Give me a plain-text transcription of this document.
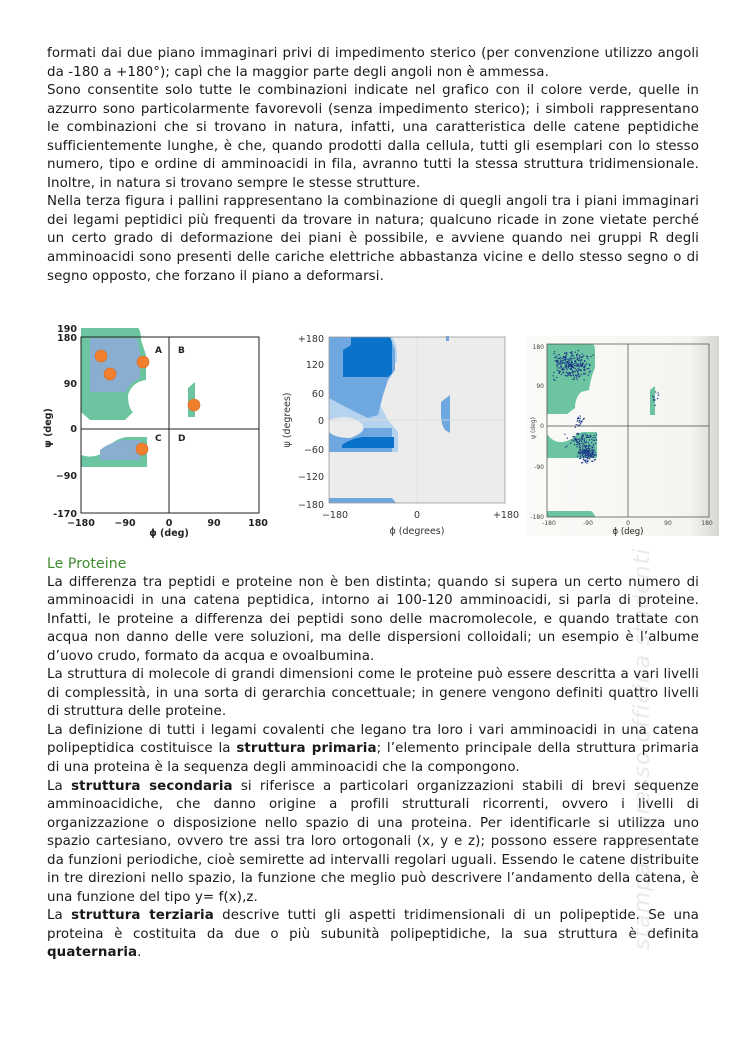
formati dai due piano immaginari privi di impedimento sterico (per convenzione utilizzo angoli da -180 a +180°); capì che la maggior parte degli angoli non è ammessa.

Sono consentite solo tutte le combinazioni indicate nel grafico con il colore verde, quelle in azzurro sono particolarmente favorevoli (senza impedimento sterico); i simboli rappresentano le combinazioni che si trovano in natura, infatti, una caratteristica delle catene peptidiche sufficientemente lunghe, è che, quando prodotti dalla cellula, tutti gli esemplari con lo stesso numero, tipo e ordine di amminoacidi in fila, avranno tutti la stessa struttura tridimensionale. Inoltre, in natura si trovano sempre le stesse strutture.

Nella terza figura i pallini rappresentano la combinazione di quegli angoli tra i piani immaginari dei legami peptidici più frequenti da trovare in natura; qualcuno ricade in zone vietate perché un certo grado di deformazione dei piani è possibile, e avviene quando nei gruppi R degli amminoacidi sono presenti delle cariche elettriche abbastanza vicine e dello stesso segno o di segno opposto, che forzano il piano a deformarsi.

A B
C D
190
180
90
0
−90
-170
−180 −90	0	90	180
ϕ (deg)
ψ (deg)
+180
120
60
0
−60
−120
−180
−180	0	+180
ϕ (degrees)
ψ (degrees)
180
90
0
-90
-180
-180	-90	0	90	180
ϕ (deg)
ψ (deg)

Le Proteine

La differenza tra peptidi e proteine non è ben distinta; quando si supera un certo numero di amminoacidi in una catena peptidica, intorno ai 100-120 amminoacidi, si parla di proteine. Infatti, le proteine a differenza dei peptidi sono delle macromolecole, e quando trattate con acqua non danno delle vere soluzioni, ma delle dispersioni colloidali; un esempio è l’albume d’uovo crudo, formato da acqua e ovoalbumina.

La struttura di molecole di grandi dimensioni come le proteine può essere descritta a vari livelli di complessità, in una sorta di gerarchia concettuale; in genere vengono definiti quattro livelli di struttura delle proteine.

La definizione di tutti i legami covalenti che legano tra loro i vari amminoacidi in una catena polipeptidica costituisce la struttura primaria; l’elemento principale della struttura primaria di una proteina è la sequenza degli amminoacidi che la compongono.

La struttura secondaria si riferisce a particolari organizzazioni stabili di brevi sequenze amminoacidiche, che danno origine a profili strutturali ricorrenti, ovvero i livelli di organizzazione o disposizione nello spazio di una proteina. Per identificarle si utilizza uno spazio cartesiano, ovvero tre assi tra loro ortogonali (x, y e z); possono essere rappresentate da funzioni periodiche, cioè semirette ad intervalli regolari uguali. Essendo le catene distribuite in tre direzioni nello spazio, la funzione che meglio può descrivere l’andamento della catena, è una funzione del tipo y= f(x),z.

La struttura terziaria descrive tutti gli aspetti tridimensionali di un polipeptide. Se una proteina è costituita da due o più subunità polipeptidiche, la sua struttura è definita quaternaria.

stampato presso officina studenti
